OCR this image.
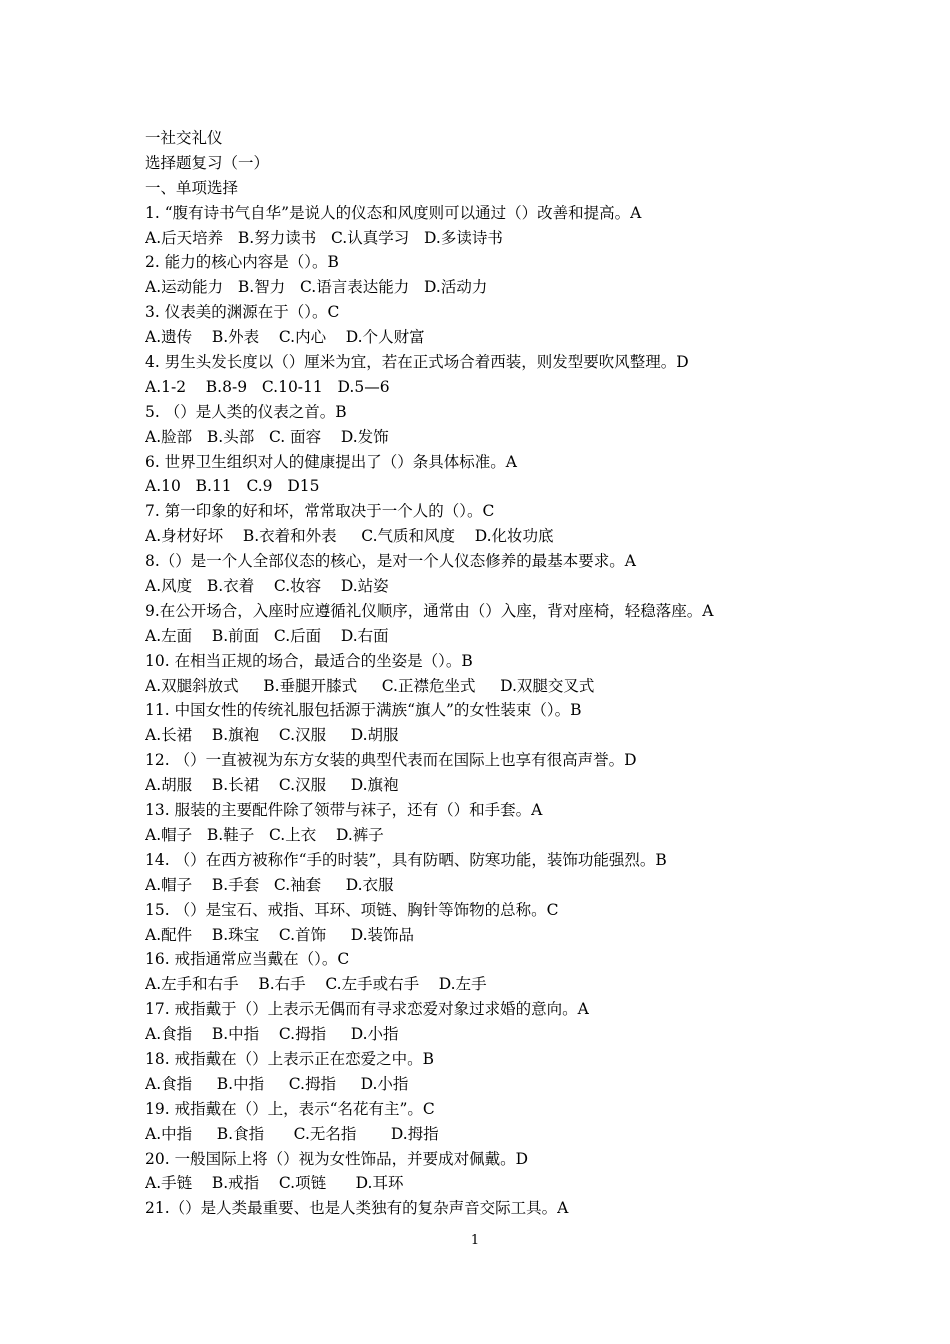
一社交礼仪
选择题复习（一）
一、单项选择
1. “腹有诗书气自华”是说人的仪态和风度则可以通过（）改善和提高。A
A.后天培养   B.努力读书   C.认真学习   D.多读诗书
2. 能力的核心内容是（）。B
A.运动能力   B.智力   C.语言表达能力   D.活动力
3. 仪表美的渊源在于（）。C
A.遗传    B.外表    C.内心    D.个人财富
4. 男生头发长度以（）厘米为宜，若在正式场合着西装，则发型要吹风整理。D
A.1-2    B.8-9   C.10-11   D.5—6
5. （）是人类的仪表之首。B
A.脸部   B.头部   C. 面容    D.发饰
6. 世界卫生组织对人的健康提出了（）条具体标准。A
A.10   B.11   C.9   D15
7. 第一印象的好和坏，常常取决于一个人的（）。C
A.身材好坏    B.衣着和外表     C.气质和风度    D.化妆功底
8.（）是一个人全部仪态的核心，是对一个人仪态修养的最基本要求。A
A.风度   B.衣着    C.妆容    D.站姿
9.在公开场合，入座时应遵循礼仪顺序，通常由（）入座，背对座椅，轻稳落座。A
A.左面    B.前面   C.后面    D.右面
10. 在相当正规的场合，最适合的坐姿是（）。B
A.双腿斜放式     B.垂腿开膝式     C.正襟危坐式     D.双腿交叉式
11. 中国女性的传统礼服包括源于满族“旗人”的女性装束（）。B
A.长裙    B.旗袍    C.汉服     D.胡服
12. （）一直被视为东方女装的典型代表而在国际上也享有很高声誉。D
A.胡服    B.长裙    C.汉服     D.旗袍
13. 服装的主要配件除了领带与袜子，还有（）和手套。A
A.帽子   B.鞋子   C.上衣    D.裤子
14. （）在西方被称作“手的时装”，具有防晒、防寒功能，装饰功能强烈。B
A.帽子    B.手套   C.袖套     D.衣服
15. （）是宝石、戒指、耳环、项链、胸针等饰物的总称。C
A.配件    B.珠宝    C.首饰     D.装饰品
16. 戒指通常应当戴在（）。C
A.左手和右手    B.右手    C.左手或右手    D.左手
17. 戒指戴于（）上表示无偶而有寻求恋爱对象过求婚的意向。A
A.食指    B.中指    C.拇指     D.小指
18. 戒指戴在（）上表示正在恋爱之中。B
A.食指     B.中指     C.拇指     D.小指
19. 戒指戴在（）上，表示“名花有主”。C
A.中指     B.食指      C.无名指       D.拇指
20. 一般国际上将（）视为女性饰品，并要成对佩戴。D
A.手链    B.戒指    C.项链      D.耳环
21.（）是人类最重要、也是人类独有的复杂声音交际工具。A
1
